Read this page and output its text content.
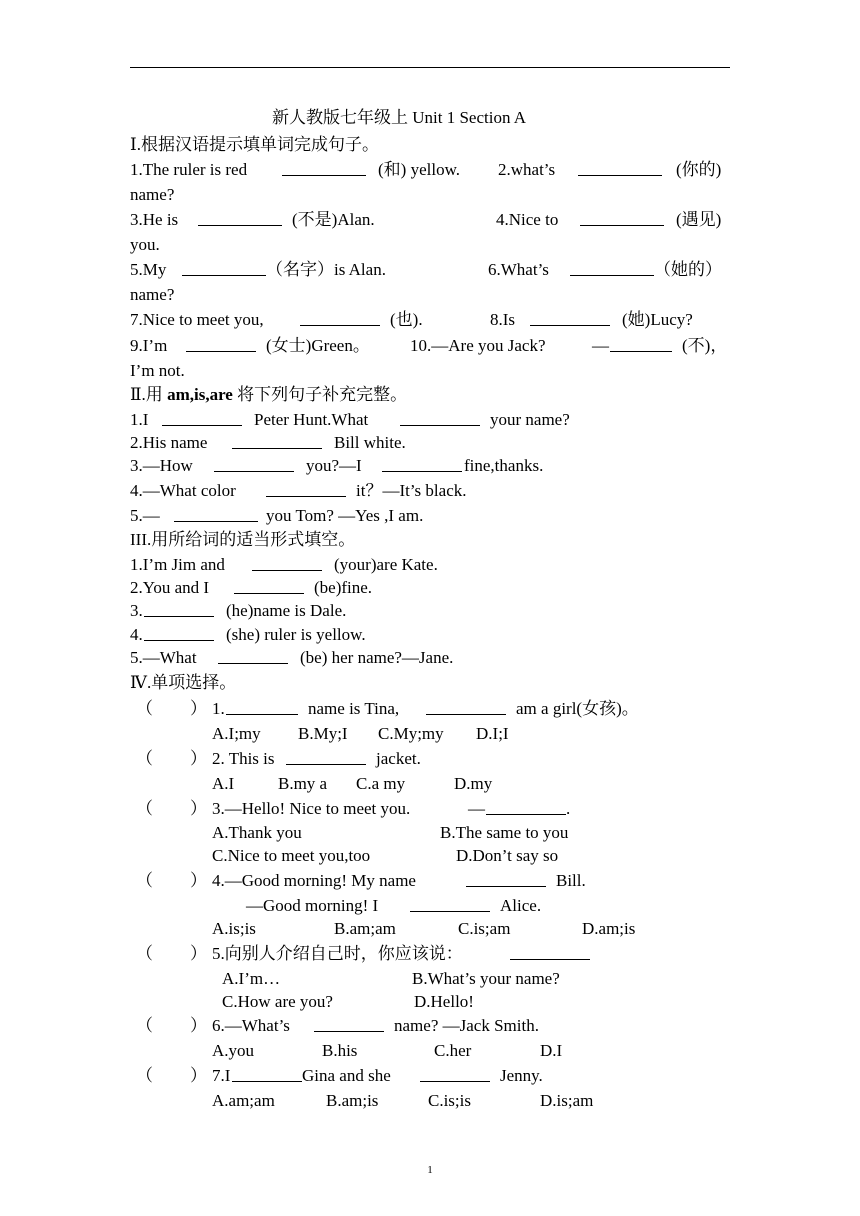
新人教版七年级上 Unit 1 Section A
Ⅰ.根据汉语提示填单词完成句子。
1.The ruler is red	(和) yellow. 2.what’s	(你的)
name?
3.He is	(不是)Alan.	4.Nice to	(遇见)
you.
5.My	（名字）is Alan.	6.What’s	（她的）
name?
7.Nice to meet you,	(也).	8.Is	(她)Lucy?
9.I’m	(女士)Green。 10.—Are you Jack?	—	(不)，
I’m not.
Ⅱ.用 am,is,are 将下列句子补充完整。
1.I	Peter Hunt.What	your name?
2.His name	Bill white.
3.—How	you?—I	fine,thanks.
4.—What color	it？—It’s black.
5.—	you Tom? —Yes ,I am.
III.用所给词的适当形式填空。
1.I’m Jim and	(your)are Kate.
2.You and I	(be)fine.
3.	(he)name is Dale.
4.	(she) ruler is yellow.
5.—What	(be) her name?—Jane.
Ⅳ.单项选择。
（ ） 1.	name is Tina,	am a girl(女孩)。
A.I;my B.My;I C.My;my D.I;I
（ ） 2. This is	jacket.
A.I	B.my a C.a my	D.my
（ ） 3.—Hello! Nice to meet you.	—	.
A.Thank you	B.The same to you
C.Nice to meet you,too	D.Don’t say so
（ ） 4.—Good morning! My name	Bill.
—Good morning! I	Alice.
A.is;is	B.am;am	C.is;am	D.am;is
（ ） 5.向别人介绍自己时，你应该说：
A.I’m…	B.What’s your name?
C.How are you?	D.Hello!
（ ） 6.—What’s	name? —Jack Smith.
A.you	B.his	C.her	D.I
（ ） 7.I	Gina and she	Jenny.
A.am;am	B.am;is	C.is;is	D.is;am
1
